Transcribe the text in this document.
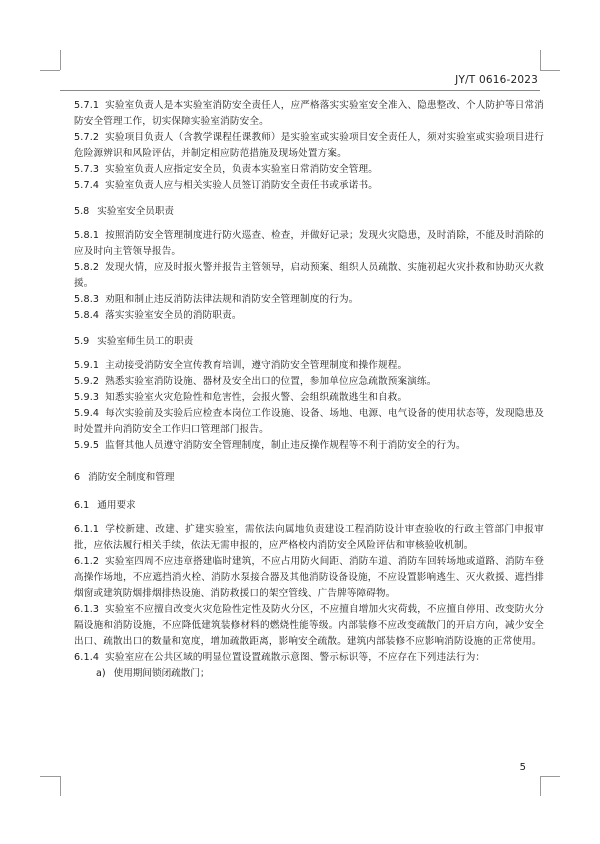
JY/T 0616-2023

5.7.1 实验室负责人是本实验室消防安全责任人，应严格落实实验室安全准入、隐患整改、个人防护等日常消防安全管理工作，切实保障实验室消防安全。

5.7.2 实验项目负责人（含教学课程任课教师）是实验室或实验项目安全责任人，须对实验室或实验项目进行危险源辨识和风险评估，并制定相应防范措施及现场处置方案。

5.7.3 实验室负责人应指定安全员，负责本实验室日常消防安全管理。

5.7.4 实验室负责人应与相关实验人员签订消防安全责任书或承诺书。

5.8 实验室安全员职责

5.8.1 按照消防安全管理制度进行防火巡查、检查，并做好记录；发现火灾隐患，及时消除，不能及时消除的应及时向主管领导报告。

5.8.2 发现火情，应及时报火警并报告主管领导，启动预案、组织人员疏散、实施初起火灾扑救和协助灭火救援。

5.8.3 劝阻和制止违反消防法律法规和消防安全管理制度的行为。

5.8.4 落实实验室安全员的消防职责。

5.9 实验室师生员工的职责

5.9.1 主动接受消防安全宣传教育培训，遵守消防安全管理制度和操作规程。

5.9.2 熟悉实验室消防设施、器材及安全出口的位置，参加单位应急疏散预案演练。

5.9.3 知悉实验室火灾危险性和危害性，会报火警、会组织疏散逃生和自救。

5.9.4 每次实验前及实验后应检查本岗位工作设施、设备、场地、电源、电气设备的使用状态等，发现隐患及时处置并向消防安全工作归口管理部门报告。

5.9.5 监督其他人员遵守消防安全管理制度，制止违反操作规程等不利于消防安全的行为。

6 消防安全制度和管理

6.1 通用要求

6.1.1 学校新建、改建、扩建实验室，需依法向属地负责建设工程消防设计审查验收的行政主管部门申报审批，应依法履行相关手续，依法无需申报的，应严格校内消防安全风险评估和审核验收机制。

6.1.2 实验室四周不应违章搭建临时建筑，不应占用防火间距、消防车道、消防车回转场地或道路、消防车登高操作场地，不应遮挡消火栓、消防水泵接合器及其他消防设备设施，不应设置影响逃生、灭火救援、遮挡排烟窗或建筑防烟排烟排热设施、消防救援口的架空管线、广告牌等障碍物。

6.1.3 实验室不应擅自改变火灾危险性定性及防火分区，不应擅自增加火灾荷载，不应擅自停用、改变防火分隔设施和消防设施，不应降低建筑装修材料的燃烧性能等级。内部装修不应改变疏散门的开启方向，减少安全出口、疏散出口的数量和宽度，增加疏散距离，影响安全疏散。建筑内部装修不应影响消防设施的正常使用。

6.1.4 实验室应在公共区域的明显位置设置疏散示意图、警示标识等，不应存在下列违法行为：

a) 使用期间锁闭疏散门；

5
